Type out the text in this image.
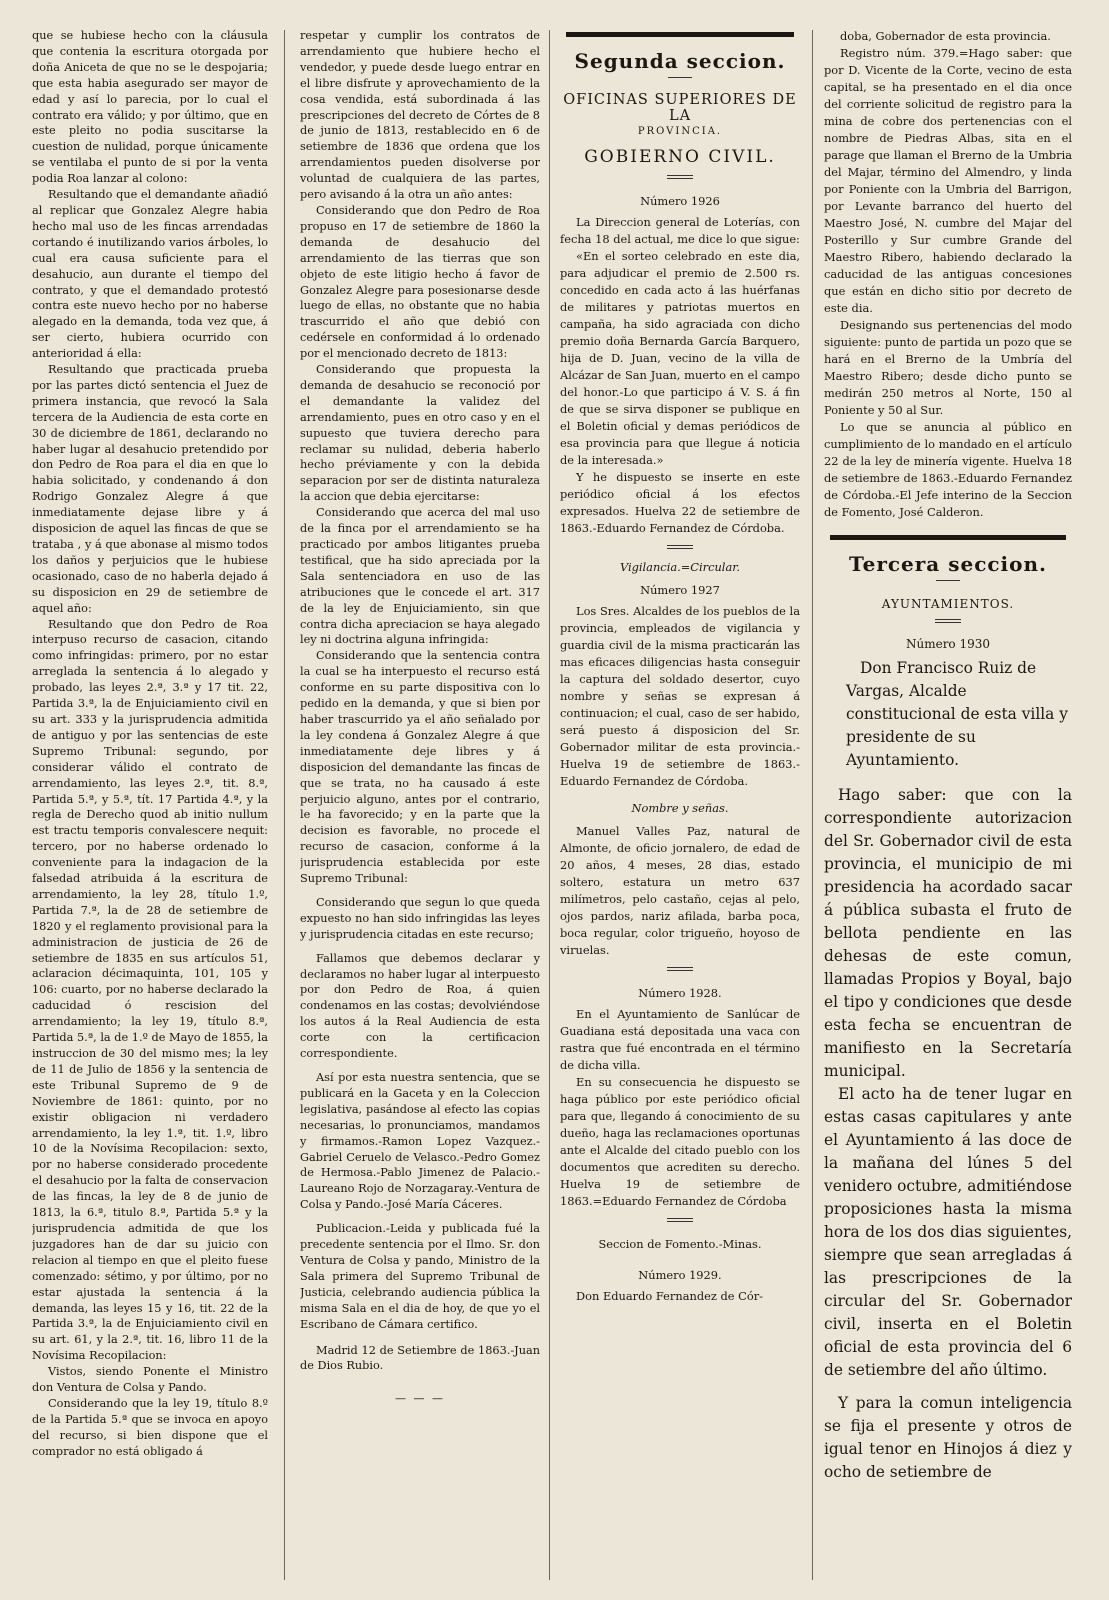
que se hubiese hecho con la cláusula que contenia la escritura otorgada por doña Aniceta de que no se le despojaria; que esta habia asegurado ser mayor de edad y así lo parecia, por lo cual el contrato era válido; y por último, que en este pleito no podia suscitarse la cuestion de nulidad, porque únicamente se ventilaba el punto de si por la venta podia Roa lanzar al colono:

Resultando que el demandante añadió al replicar que Gonzalez Alegre habia hecho mal uso de les fincas arrendadas cortando é inutilizando varios árboles, lo cual era causa suficiente para el desahucio, aun durante el tiempo del contrato, y que el demandado protestó contra este nuevo hecho por no haberse alegado en la demanda, toda vez que, á ser cierto, hubiera ocurrido con anterioridad á ella:

Resultando que practicada prueba por las partes dictó sentencia el Juez de primera instancia, que revocó la Sala tercera de la Audiencia de esta corte en 30 de diciembre de 1861, declarando no haber lugar al desahucio pretendido por don Pedro de Roa para el dia en que lo habia solicitado, y condenando á don Rodrigo Gonzalez Alegre á que inmediatamente dejase libre y á disposicion de aquel las fincas de que se trataba , y á que abonase al mismo todos los daños y perjuicios que le hubiese ocasionado, caso de no haberla dejado á su disposicion en 29 de setiembre de aquel año:

Resultando que don Pedro de Roa interpuso recurso de casacion, citando como infringidas: primero, por no estar arreglada la sentencia á lo alegado y probado, las leyes 2.ª, 3.ª y 17 tit. 22, Partida 3.ª, la de Enjuiciamiento civil en su art. 333 y la jurisprudencia admitida de antiguo y por las sentencias de este Supremo Tribunal: segundo, por considerar válido el contrato de arrendamiento, las leyes 2.ª, tit. 8.ª, Partida 5.ª, y 5.ª, tít. 17 Partida 4.ª, y la regla de Derecho quod ab initio nullum est tractu temporis convalescere nequit: tercero, por no haberse ordenado lo conveniente para la indagacion de la falsedad atribuida á la escritura de arrendamiento, la ley 28, título 1.º, Partida 7.ª, la de 28 de setiembre de 1820 y el reglamento provisional para la administracion de justicia de 26 de setiembre de 1835 en sus artículos 51, aclaracion décimaquinta, 101, 105 y 106: cuarto, por no haberse declarado la caducidad ó rescision del arrendamiento; la ley 19, título 8.ª, Partida 5.ª, la de 1.º de Mayo de 1855, la instruccion de 30 del mismo mes; la ley de 11 de Julio de 1856 y la sentencia de este Tribunal Supremo de 9 de Noviembre de 1861: quinto, por no existir obligacion ni verdadero arrendamiento, la ley 1.ª, tit. 1.º, libro 10 de la Novísima Recopilacion: sexto, por no haberse considerado procedente el desahucio por la falta de conservacion de las fincas, la ley de 8 de junio de 1813, la 6.ª, titulo 8.ª, Partida 5.ª y la jurisprudencia admitida de que los juzgadores han de dar su juicio con relacion al tiempo en que el pleito fuese comenzado: sétimo, y por último, por no estar ajustada la sentencia á la demanda, las leyes 15 y 16, tit. 22 de la Partida 3.ª, la de Enjuiciamiento civil en su art. 61, y la 2.ª, tit. 16, libro 11 de la Novísima Recopilacion:

Vistos, siendo Ponente el Ministro don Ventura de Colsa y Pando.

Considerando que la ley 19, título 8.º de la Partida 5.ª que se invoca en apoyo del recurso, si bien dispone que el comprador no está obligado á

respetar y cumplir los contratos de arrendamiento que hubiere hecho el vendedor, y puede desde luego entrar en el libre disfrute y aprovechamiento de la cosa vendida, está subordinada á las prescripciones del decreto de Córtes de 8 de junio de 1813, restablecido en 6 de setiembre de 1836 que ordena que los arrendamientos pueden disolverse por voluntad de cualquiera de las partes, pero avisando á la otra un año antes:

Considerando que don Pedro de Roa propuso en 17 de setiembre de 1860 la demanda de desahucio del arrendamiento de las tierras que son objeto de este litigio hecho á favor de Gonzalez Alegre para posesionarse desde luego de ellas, no obstante que no habia trascurrido el año que debió con cedérsele en conformidad á lo ordenado por el mencionado decreto de 1813:

Considerando que propuesta la demanda de desahucio se reconoció por el demandante la validez del arrendamiento, pues en otro caso y en el supuesto que tuviera derecho para reclamar su nulidad, deberia haberlo hecho préviamente y con la debida separacion por ser de distinta naturaleza la accion que debia ejercitarse:

Considerando que acerca del mal uso de la finca por el arrendamiento se ha practicado por ambos litigantes prueba testifical, que ha sido apreciada por la Sala sentenciadora en uso de las atribuciones que le concede el art. 317 de la ley de Enjuiciamiento, sin que contra dicha apreciacion se haya alegado ley ni doctrina alguna infringida:

Considerando que la sentencia contra la cual se ha interpuesto el recurso está conforme en su parte dispositiva con lo pedido en la demanda, y que si bien por haber trascurrido ya el año señalado por la ley condena á Gonzalez Alegre á que inmediatamente deje libres y á disposicion del demandante las fincas de que se trata, no ha causado á este perjuicio alguno, antes por el contrario, le ha favorecido; y en la parte que la decision es favorable, no procede el recurso de casacion, conforme á la jurisprudencia establecida por este Supremo Tribunal:

Considerando que segun lo que queda expuesto no han sido infringidas las leyes y jurisprudencia citadas en este recurso;

Fallamos que debemos declarar y declaramos no haber lugar al interpuesto por don Pedro de Roa, á quien condenamos en las costas; devolviéndose los autos á la Real Audiencia de esta corte con la certificacion correspondiente.

Así por esta nuestra sentencia, que se publicará en la Gaceta y en la Coleccion legislativa, pasándose al efecto las copias necesarias, lo pronunciamos, mandamos y firmamos.-Ramon Lopez Vazquez.-Gabriel Ceruelo de Velasco.-Pedro Gomez de Hermosa.-Pablo Jimenez de Palacio.-Laureano Rojo de Norzagaray.-Ventura de Colsa y Pando.-José María Cáceres.

Publicacion.-Leida y publicada fué la precedente sentencia por el Ilmo. Sr. don Ventura de Colsa y pando, Ministro de la Sala primera del Supremo Tribunal de Justicia, celebrando audiencia pública la misma Sala en el dia de hoy, de que yo el Escribano de Cámara certifico.

Madrid 12 de Setiembre de 1863.-Juan de Dios Rubio.

— — —
Segunda seccion.
OFICINAS SUPERIORES DE LA
PROVINCIA.
GOBIERNO CIVIL.

Número 1926

La Direccion general de Loterías, con fecha 18 del actual, me dice lo que sigue:

«En el sorteo celebrado en este dia, para adjudicar el premio de 2.500 rs. concedido en cada acto á las huérfanas de militares y patriotas muertos en campaña, ha sido agraciada con dicho premio doña Bernarda García Barquero, hija de D. Juan, vecino de la villa de Alcázar de San Juan, muerto en el campo del honor.-Lo que participo á V. S. á fin de que se sirva disponer se publique en el Boletin oficial y demas periódicos de esa provincia para que llegue á noticia de la interesada.»

Y he dispuesto se inserte en este periódico oficial á los efectos expresados. Huelva 22 de setiembre de 1863.-Eduardo Fernandez de Córdoba.

Vigilancia.=Circular.

Número 1927

Los Sres. Alcaldes de los pueblos de la provincia, empleados de vigilancia y guardia civil de la misma practicarán las mas eficaces diligencias hasta conseguir la captura del soldado desertor, cuyo nombre y señas se expresan á continuacion; el cual, caso de ser habido, será puesto á disposicion del Sr. Gobernador militar de esta provincia.-Huelva 19 de setiembre de 1863.-Eduardo Fernandez de Córdoba.

Nombre y señas.

Manuel Valles Paz, natural de Almonte, de oficio jornalero, de edad de 20 años, 4 meses, 28 dias, estado soltero, estatura un metro 637 milímetros, pelo castaño, cejas al pelo, ojos pardos, nariz afilada, barba poca, boca regular, color trigueño, hoyoso de viruelas.

Número 1928.

En el Ayuntamiento de Sanlúcar de Guadiana está depositada una vaca con rastra que fué encontrada en el término de dicha villa.

En su consecuencia he dispuesto se haga público por este periódico oficial para que, llegando á conocimiento de su dueño, haga las reclamaciones oportunas ante el Alcalde del citado pueblo con los documentos que acrediten su derecho. Huelva 19 de setiembre de 1863.=Eduardo Fernandez de Córdoba

Seccion de Fomento.-Minas.

Número 1929.

Don Eduardo Fernandez de Cór-

doba, Gobernador de esta provincia.

Registro núm. 379.=Hago saber: que por D. Vicente de la Corte, vecino de esta capital, se ha presentado en el dia once del corriente solicitud de registro para la mina de cobre dos pertenencias con el nombre de Piedras Albas, sita en el parage que llaman el Brerno de la Umbria del Majar, término del Almendro, y linda por Poniente con la Umbria del Barrigon, por Levante barranco del huerto del Maestro José, N. cumbre del Majar del Posterillo y Sur cumbre Grande del Maestro Ribero, habiendo declarado la caducidad de las antiguas concesiones que están en dicho sitio por decreto de este dia.

Designando sus pertenencias del modo siguiente: punto de partida un pozo que se hará en el Brerno de la Umbría del Maestro Ribero; desde dicho punto se medirán 250 metros al Norte, 150 al Poniente y 50 al Sur.

Lo que se anuncia al público en cumplimiento de lo mandado en el artículo 22 de la ley de minería vigente. Huelva 18 de setiembre de 1863.-Eduardo Fernandez de Córdoba.-El Jefe interino de la Seccion de Fomento, José Calderon.

Tercera seccion.
AYUNTAMIENTOS.

Número 1930

Don Francisco Ruiz de Vargas, Alcalde constitucional de esta villa y presidente de su Ayuntamiento.

Hago saber: que con la correspondiente autorizacion del Sr. Gobernador civil de esta provincia, el municipio de mi presidencia ha acordado sacar á pública subasta el fruto de bellota pendiente en las dehesas de este comun, llamadas Propios y Boyal, bajo el tipo y condiciones que desde esta fecha se encuentran de manifiesto en la Secretaría municipal.

El acto ha de tener lugar en estas casas capitulares y ante el Ayuntamiento á las doce de la mañana del lúnes 5 del venidero octubre, admitiéndose proposiciones hasta la misma hora de los dos dias siguientes, siempre que sean arregladas á las prescripciones de la circular del Sr. Gobernador civil, inserta en el Boletin oficial de esta provincia del 6 de setiembre del año último.

Y para la comun inteligencia se fija el presente y otros de igual tenor en Hinojos á diez y ocho de setiembre de
